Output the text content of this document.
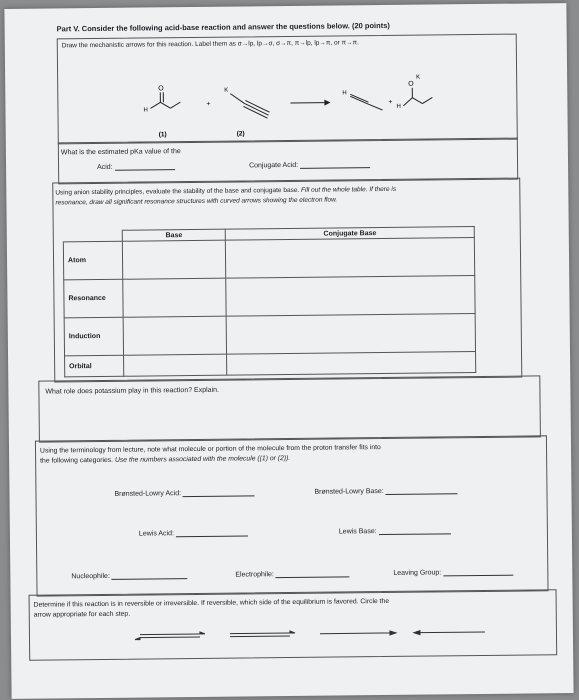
Part V. Consider the following acid-base reaction and answer the questions below. (20 points)
Draw the mechanistic arrows for this reaction. Label them as σ→lp, lp→σ, σ→π, π→lp, lp→π, or π→π.
H
O
+
K	H
+
H
O
K
(1)	(2)
What is the estimated pKa value of the
Acid:	Conjugate Acid:
Using anion stability principles, evaluate the stability of the base and conjugate base. Fill out the whole table. If there is
resonance, draw all significant resonance structures with curved arrows showing the electron flow.
	Base	Conjugate Base
Atom		
Resonance		
Induction		
Orbital		
What role does potassium play in this reaction? Explain.
Using the terminology from lecture, note what molecule or portion of the molecule from the proton transfer fits into
the following categories. Use the numbers associated with the molecule ((1) or (2)).
Brønsted-Lowry Acid:	Brønsted-Lowry Base:
Lewis Acid:	Lewis Base:
Nucleophile:	Electrophile:	Leaving Group:
Determine if this reaction is in reversible or irreversible. If reversible, which side of the equilibrium is favored. Circle the
arrow appropriate for each step.
